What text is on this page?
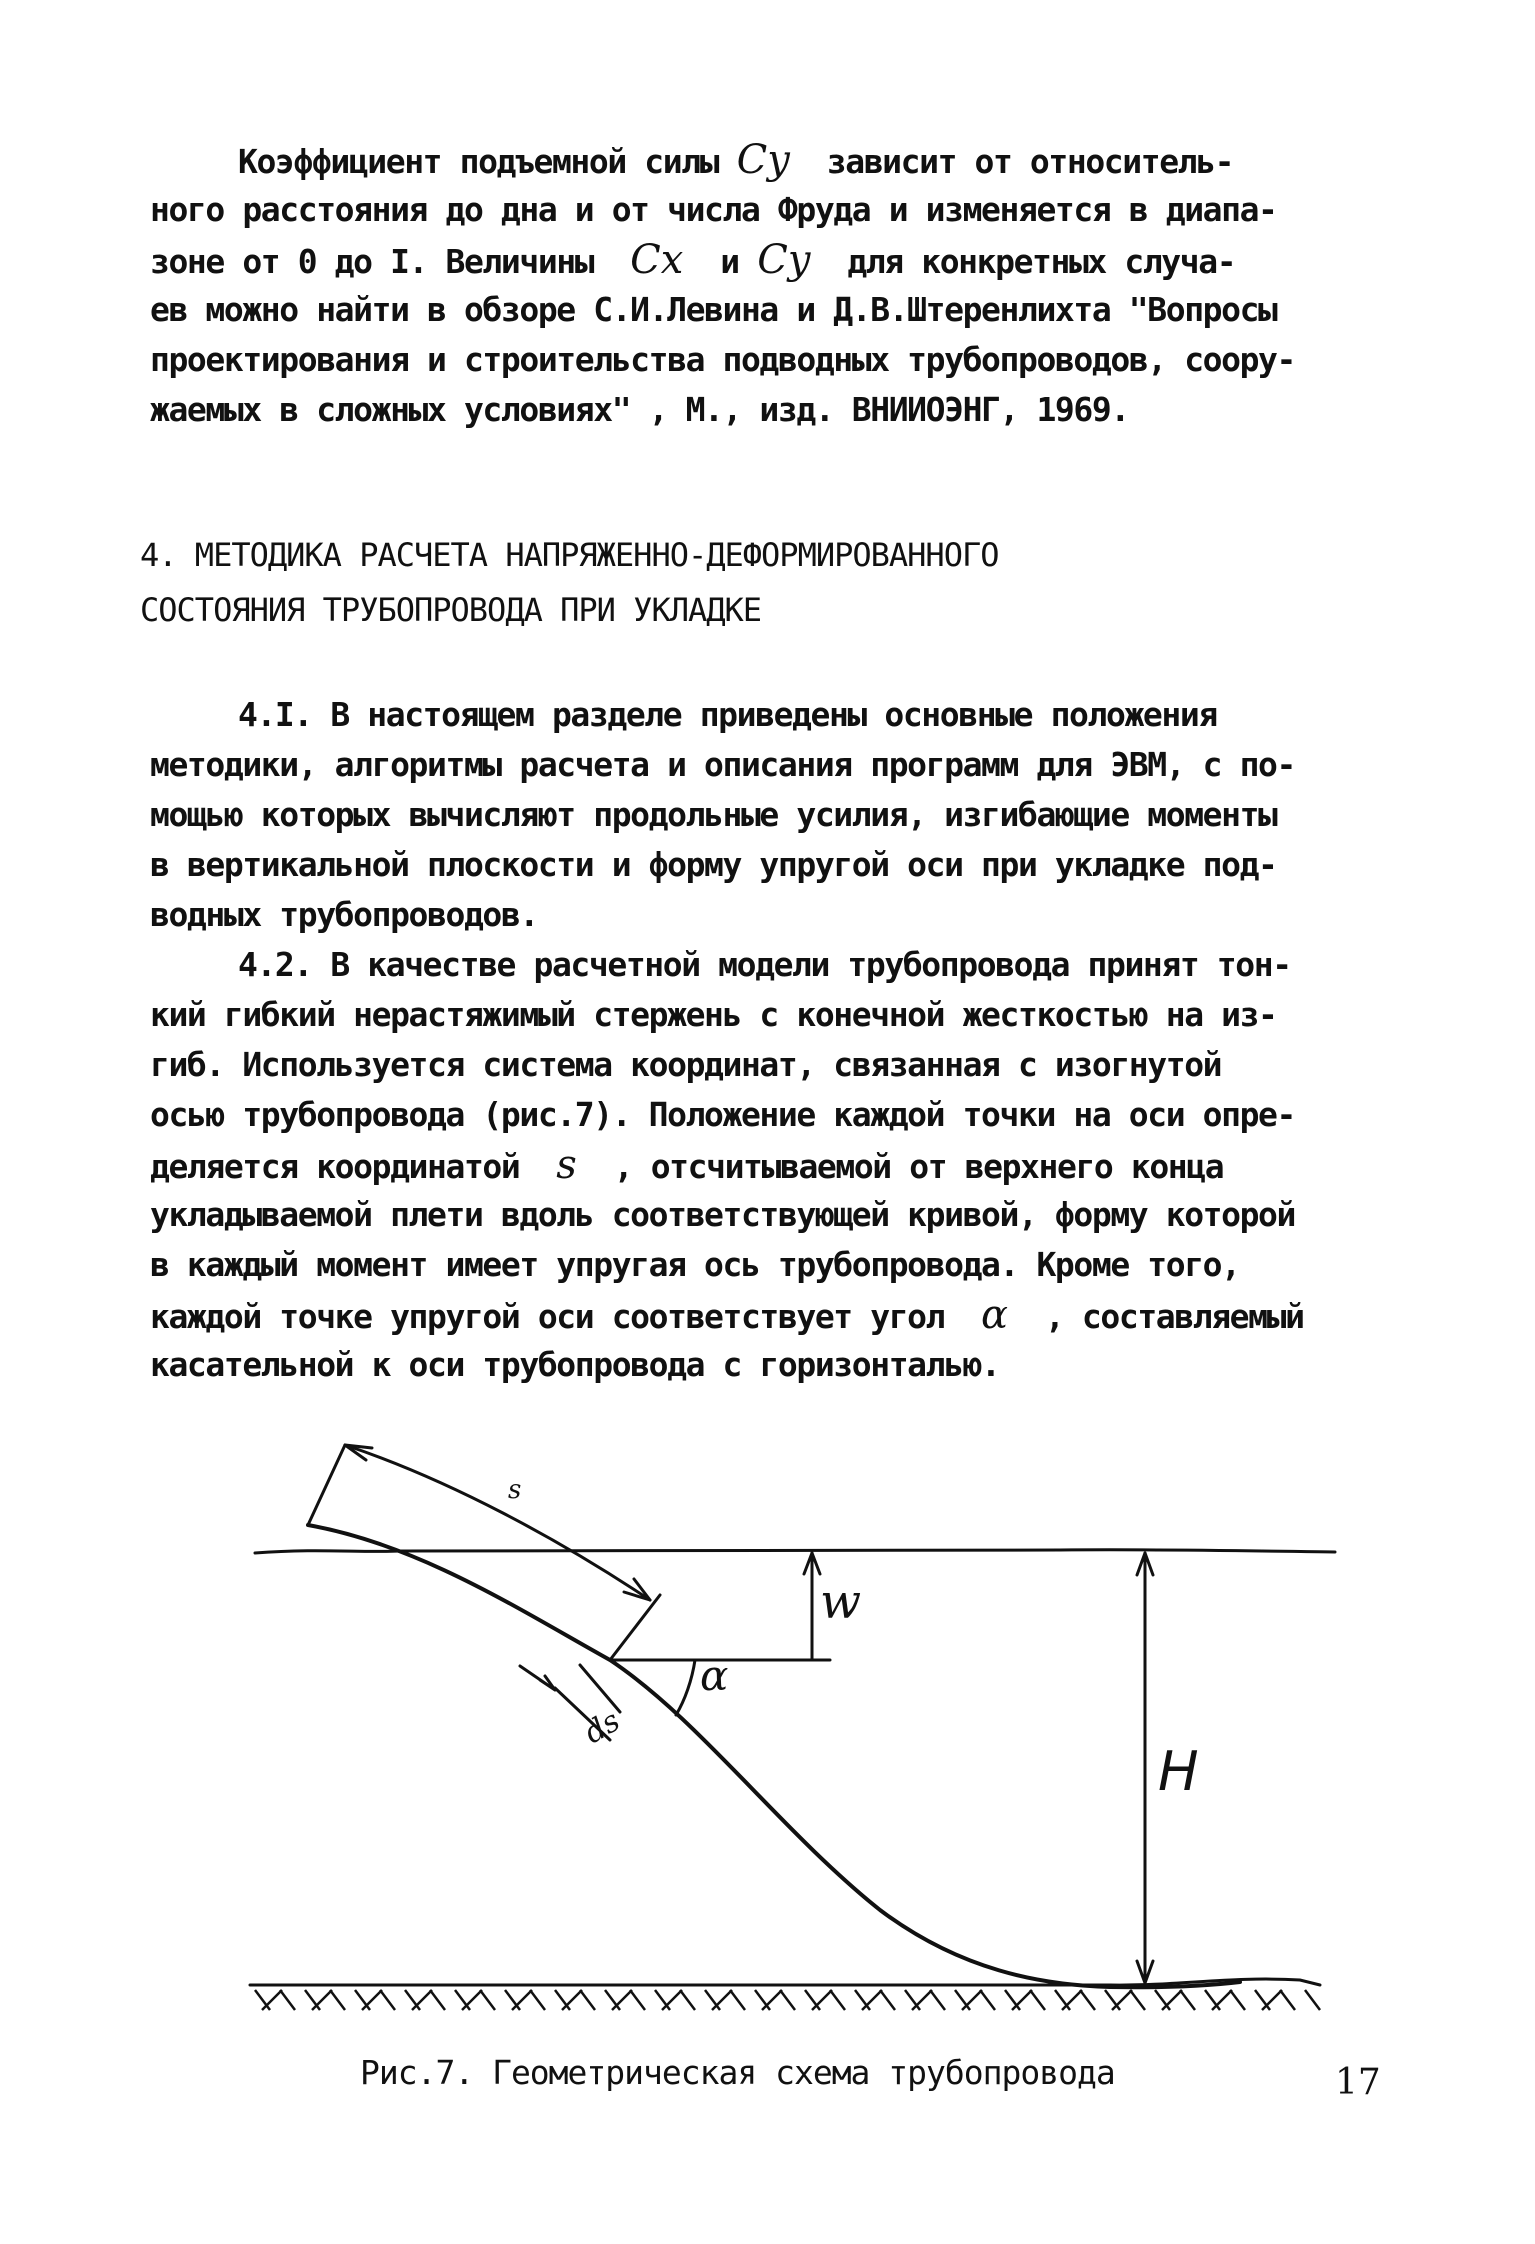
Коэффициент подъемной силы Cy  зависит от относитель-
ного расстояния до дна и от числа Фруда и изменяется в диапа-
зоне от 0 до I. Величины  Cx  и Cy  для конкретных случа-
ев можно найти в обзоре С.И.Левина и Д.В.Штеренлихта "Вопросы
проектирования и строительства подводных трубопроводов, соору-
жаемых в сложных условиях" , М., изд. ВНИИОЭНГ, 1969.
4. МЕТОДИКА РАСЧЕТА НАПРЯЖЕННО-ДЕФОРМИРОВАННОГО
СОСТОЯНИЯ ТРУБОПРОВОДА ПРИ УКЛАДКЕ
4.I. В настоящем разделе приведены основные положения
методики, алгоритмы расчета и описания программ для ЭВМ, с по-
мощью которых вычисляют продольные усилия, изгибающие моменты
в вертикальной плоскости и форму упругой оси при укладке под-
водных трубопроводов.
4.2. В качестве расчетной модели трубопровода принят тон-
кий гибкий нерастяжимый стержень с конечной жесткостью на из-
гиб. Используется система координат, связанная с изогнутой
осью трубопровода (рис.7). Положение каждой точки на оси опре-
деляется координатой  s  , отсчитываемой от верхнего конца
укладываемой плети вдоль соответствующей кривой, форму которой
в каждый момент имеет упругая ось трубопровода. Кроме того,
каждой точке упругой оси соответствует угол  α  , составляемый
касательной к оси трубопровода с горизонталью.
s
w
α
ds
H
Рис.7. Геометрическая схема трубопровода	17
